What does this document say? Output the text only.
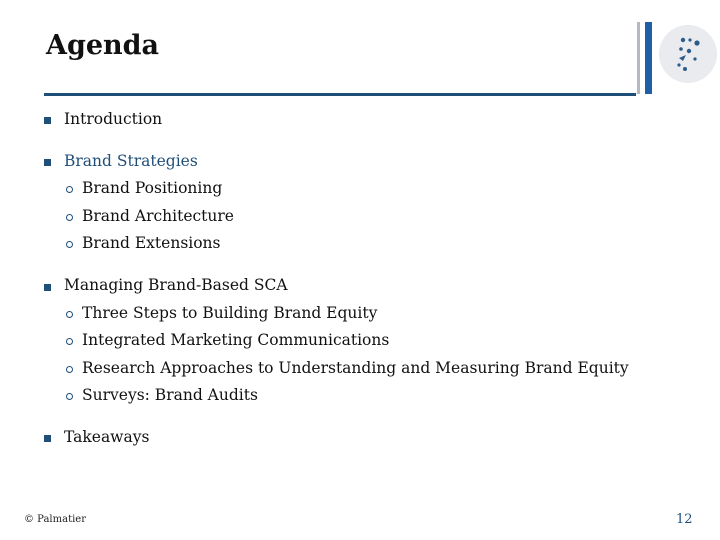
Agenda
Introduction
Brand Strategies
Brand Positioning
Brand Architecture
Brand Extensions
Managing Brand-Based SCA
Three Steps to Building Brand Equity
Integrated Marketing Communications
Research Approaches to Understanding and Measuring Brand Equity
Surveys: Brand Audits
Takeaways
© Palmatier	12
